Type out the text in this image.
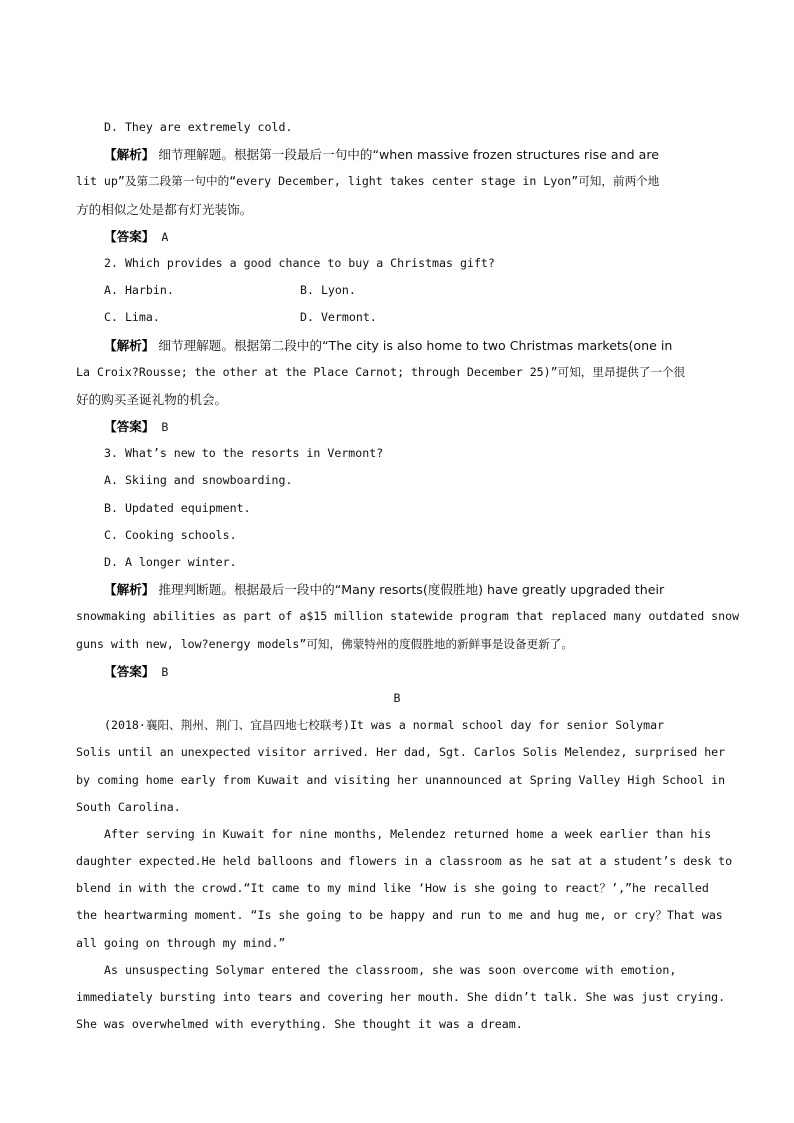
D. They are extremely cold.
【解析】 细节理解题。根据第一段最后一句中的“when massive frozen structures rise and are
lit up”及第二段第一句中的“every December, light takes center stage in Lyon”可知，前两个地
方的相似之处是都有灯光装饰。
【答案】 A
2. Which provides a good chance to buy a Christmas gift?
A. Harbin.	B. Lyon.
C. Lima.	D. Vermont.
【解析】 细节理解题。根据第二段中的“The city is also home to two Christmas markets(one in
La Croix?Rousse; the other at the Place Carnot; through December 25)”可知，里昂提供了一个很
好的购买圣诞礼物的机会。
【答案】 B
3. What’s new to the resorts in Vermont?
A. Skiing and snowboarding.
B. Updated equipment.
C. Cooking schools.
D. A longer winter.
【解析】 推理判断题。根据最后一段中的“Many resorts(度假胜地) have greatly upgraded their
snowmaking abilities as part of a$15 million statewide program that replaced many outdated snow
guns with new, low?energy models”可知，佛蒙特州的度假胜地的新鲜事是设备更新了。
【答案】 B
B
(2018·襄阳、荆州、荆门、宜昌四地七校联考)It was a normal school day for senior Solymar
Solis until an unexpected visitor arrived. Her dad, Sgt. Carlos Solis Melendez, surprised her
by coming home early from Kuwait and visiting her unannounced at Spring Valley High School in
South Carolina.
After serving in Kuwait for nine months, Melendez returned home a week earlier than his
daughter expected.He held balloons and flowers in a classroom as he sat at a student’s desk to
blend in with the crowd.“It came to my mind like ‘How is she going to react？’,”he recalled
the heartwarming moment. “Is she going to be happy and run to me and hug me, or cry？That was
all going on through my mind.”
As unsuspecting Solymar entered the classroom, she was soon overcome with emotion,
immediately bursting into tears and covering her mouth. She didn’t talk. She was just crying.
She was overwhelmed with everything. She thought it was a dream.
